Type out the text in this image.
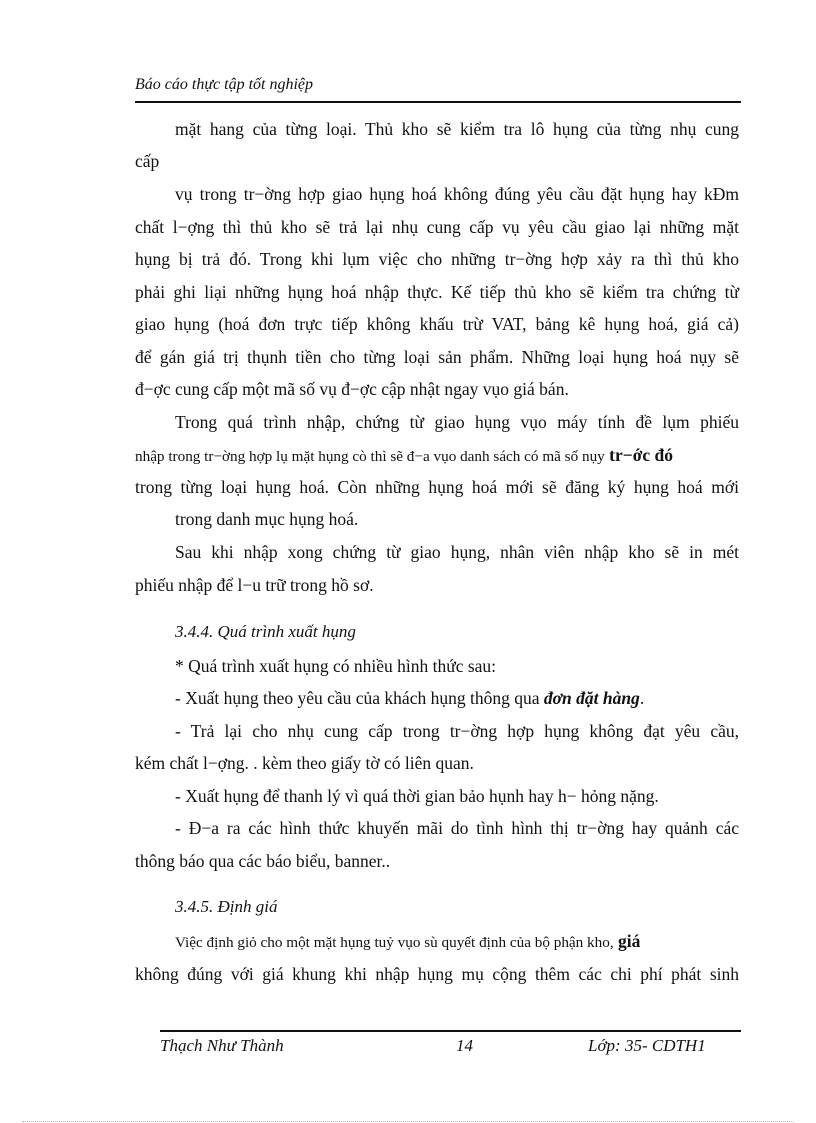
Báo cáo thực tập tốt nghiệp
mặt hang của từng loại. Thủ kho sẽ kiểm tra lô hụng của từng nhụ cung
cấp
vụ trong tr−ờng hợp giao hụng hoá không đúng yêu cầu đặt hụng hay kĐm
chất l−ợng thì thủ kho sẽ trả lại nhụ cung cấp vụ yêu cầu giao lại những mặt
hụng bị trả đó. Trong khi lụm việc cho những tr−ờng hợp xảy ra thì thủ kho
phải ghi liại những hụng hoá nhập thực. Kế tiếp thủ kho sẽ kiểm tra chứng từ
giao hụng (hoá đơn trực tiếp không khấu trừ VAT, bảng kê hụng hoá, giá cả)
để gán giá trị thụnh tiền cho từng loại sản phẩm. Những loại hụng hoá nụy sẽ
đ−ợc cung cấp một mã số vụ đ−ợc cập nhật ngay vụo giá bán.
Trong quá trình nhập, chứng từ giao hụng vụo máy tính đề lụm phiếu
nhập trong tr−ờng hợp lụ mặt hụng cò thì sẽ đ−a vụo danh sách có mã số nụy tr−ớc đó
trong từng loại hụng hoá. Còn những hụng hoá mới sẽ đăng ký hụng hoá mới
trong danh mục hụng hoá.
Sau khi nhập xong chứng từ giao hụng, nhân viên nhập kho sẽ in mét
phiếu nhập để l−u trữ trong hồ sơ.
3.4.4. Quá trình xuất hụng
* Quá trình xuất hụng có nhiều hình thức sau:
- Xuất hụng theo yêu cầu của khách hụng thông qua đơn đặt hàng.
- Trả lại cho nhụ cung cấp trong tr−ờng hợp hụng không đạt yêu cầu,
kém chất l−ợng. . kèm theo giấy tờ có liên quan.
- Xuất hụng để thanh lý vì quá thời gian bảo hụnh hay h− hỏng nặng.
- Đ−a ra các hình thức khuyến mãi do tình hình thị tr−ờng hay quảnh các
thông báo qua các báo biểu, banner..
3.4.5. Định giá
Việc định giỏ cho một mặt hụng tuỷ vụo sù quyết định của bộ phận kho, giá
không đúng với giá khung khi nhập hụng mụ cộng thêm các chi phí phát sinh
Thạch Như Thành	14	Lớp: 35- CDTH1
